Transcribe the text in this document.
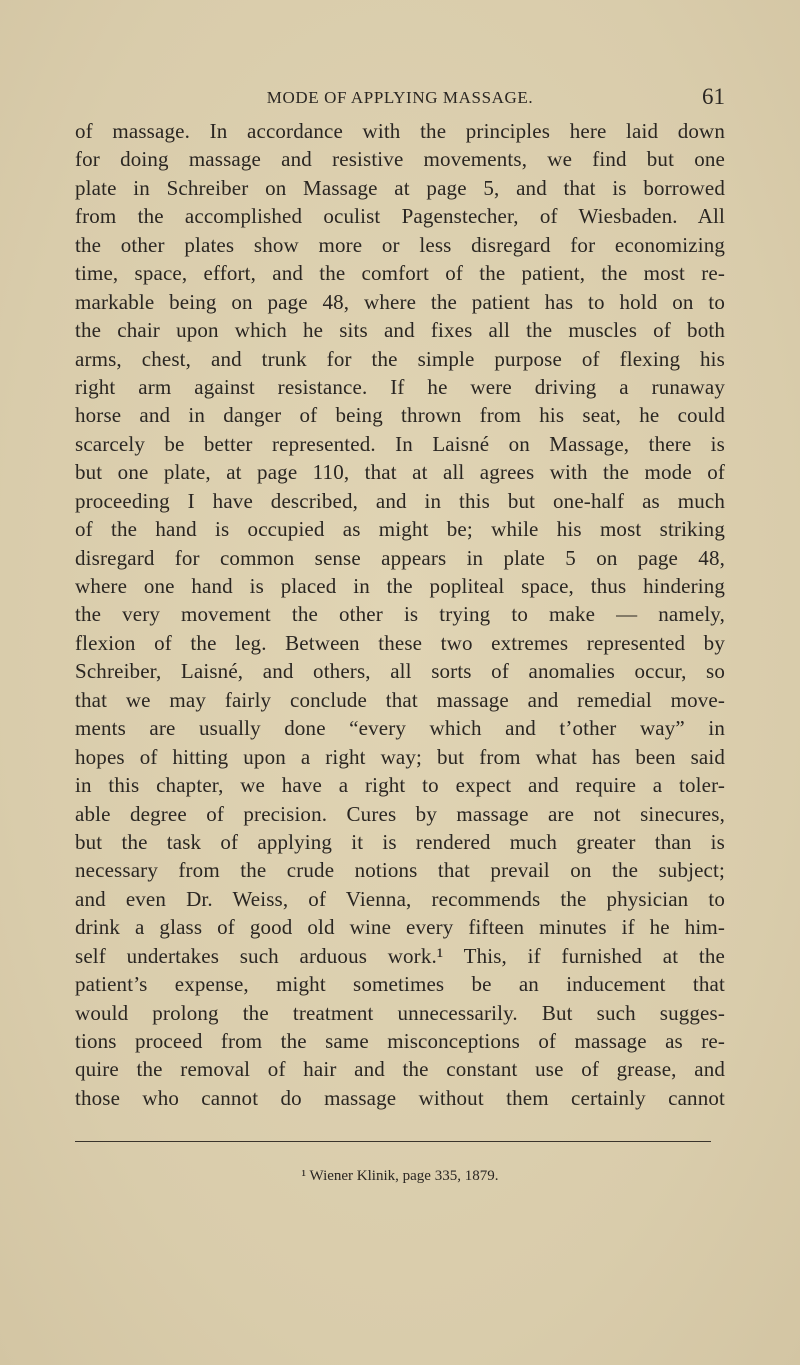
MODE OF APPLYING MASSAGE.	61
of massage. In accordance with the principles here laid down
for doing massage and resistive movements, we find but one
plate in Schreiber on Massage at page 5, and that is borrowed
from the accomplished oculist Pagenstecher, of Wiesbaden. All
the other plates show more or less disregard for economizing
time, space, effort, and the comfort of the patient, the most re-
markable being on page 48, where the patient has to hold on to
the chair upon which he sits and fixes all the muscles of both
arms, chest, and trunk for the simple purpose of flexing his
right arm against resistance. If he were driving a runaway
horse and in danger of being thrown from his seat, he could
scarcely be better represented. In Laisné on Massage, there is
but one plate, at page 110, that at all agrees with the mode of
proceeding I have described, and in this but one-half as much
of the hand is occupied as might be; while his most striking
disregard for common sense appears in plate 5 on page 48,
where one hand is placed in the popliteal space, thus hindering
the very movement the other is trying to make — namely,
flexion of the leg. Between these two extremes represented by
Schreiber, Laisné, and others, all sorts of anomalies occur, so
that we may fairly conclude that massage and remedial move-
ments are usually done “every which and t’other way” in
hopes of hitting upon a right way; but from what has been said
in this chapter, we have a right to expect and require a toler-
able degree of precision. Cures by massage are not sinecures,
but the task of applying it is rendered much greater than is
necessary from the crude notions that prevail on the subject;
and even Dr. Weiss, of Vienna, recommends the physician to
drink a glass of good old wine every fifteen minutes if he him-
self undertakes such arduous work.¹ This, if furnished at the
patient’s expense, might sometimes be an inducement that
would prolong the treatment unnecessarily. But such sugges-
tions proceed from the same misconceptions of massage as re-
quire the removal of hair and the constant use of grease, and
those who cannot do massage without them certainly cannot
¹ Wiener Klinik, page 335, 1879.
